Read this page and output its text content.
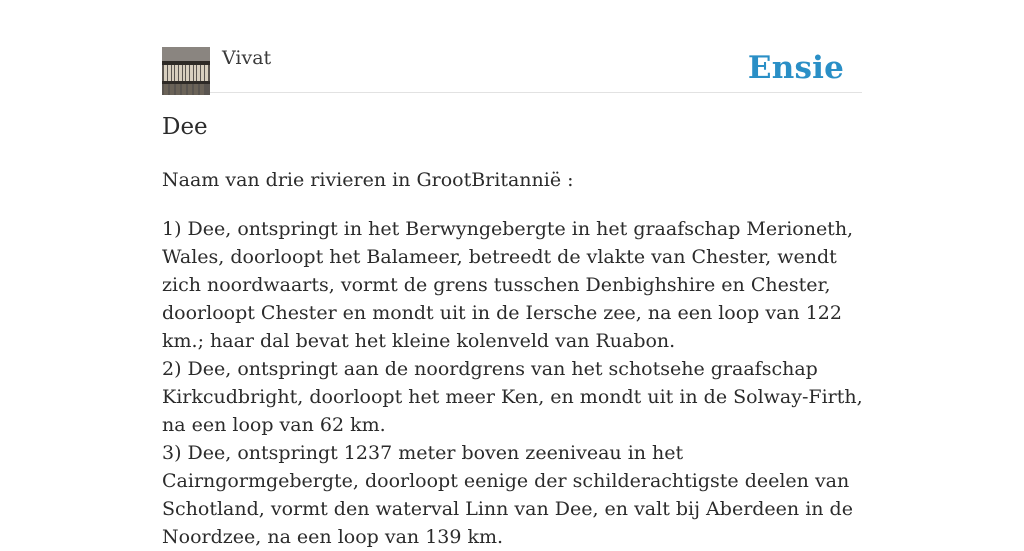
Vivat	Ensie
Dee

Naam van drie rivieren in GrootBritannië :

1) Dee, ontspringt in het Berwyngebergte in het graafschap Merioneth, Wales, doorloopt het Balameer, betreedt de vlakte van Chester, wendt zich noordwaarts, vormt de grens tusschen Denbighshire en Chester, doorloopt Chester en mondt uit in de Iersche zee, na een loop van 122 km.; haar dal bevat het kleine kolenveld van Ruabon.
2) Dee, ontspringt aan de noordgrens van het schotsehe graafschap Kirkcudbright, doorloopt het meer Ken, en mondt uit in de Solway-Firth, na een loop van 62 km.
3) Dee, ontspringt 1237 meter boven zeeniveau in het Cairngormgebergte, doorloopt eenige der schilderachtigste deelen van Schotland, vormt den waterval Linn van Dee, en valt bij Aberdeen in de Noordzee, na een loop van 139 km.
